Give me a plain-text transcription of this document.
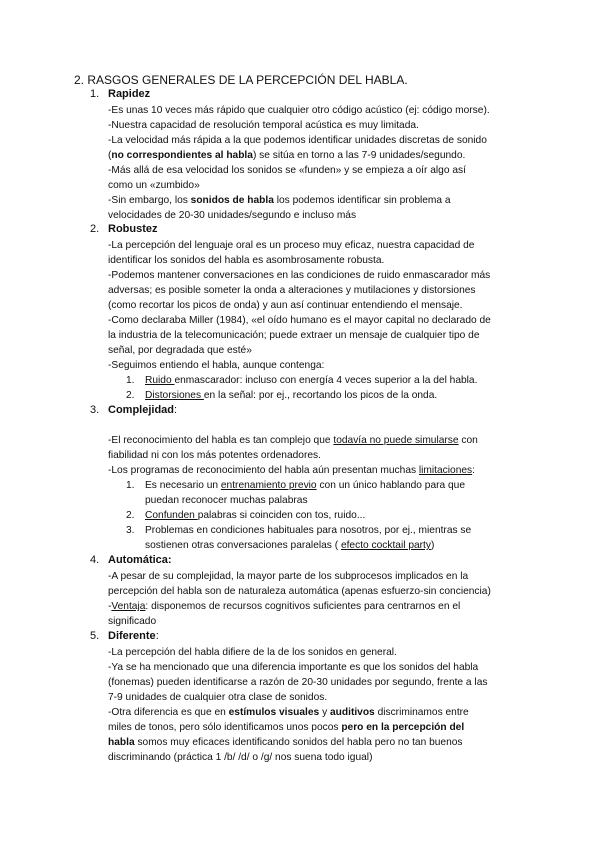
2. RASGOS GENERALES DE LA PERCEPCIÓN DEL HABLA.
1. Rapidez
-Es unas 10 veces más rápido que cualquier otro código acústico (ej: código morse).
-Nuestra capacidad de resolución temporal acústica es muy limitada.
-La velocidad más rápida a la que podemos identificar unidades discretas de sonido
(no correspondientes al habla) se sitúa en torno a las 7-9 unidades/segundo.
-Más allá de esa velocidad los sonidos se «funden» y se empieza a oír algo así
como un «zumbido»
-Sin embargo, los sonidos de habla los podemos identificar sin problema a
velocidades de 20-30 unidades/segundo e incluso más
2. Robustez
-La percepción del lenguaje oral es un proceso muy eficaz, nuestra capacidad de
identificar los sonidos del habla es asombrosamente robusta.
-Podemos mantener conversaciones en las condiciones de ruido enmascarador más
adversas; es posible someter la onda a alteraciones y mutilaciones y distorsiones
(como recortar los picos de onda) y aun así continuar entendiendo el mensaje.
-Como declaraba Miller (1984), «el oído humano es el mayor capital no declarado de
la industria de la telecomunicación; puede extraer un mensaje de cualquier tipo de
señal, por degradada que esté»
-Seguimos entiendo el habla, aunque contenga:
1. Ruido enmascarador: incluso con energía 4 veces superior a la del habla.
2. Distorsiones en la señal: por ej., recortando los picos de la onda.
3. Complejidad:
-El reconocimiento del habla es tan complejo que todavía no puede simularse con
fiabilidad ni con los más potentes ordenadores.
-Los programas de reconocimiento del habla aún presentan muchas limitaciones:
1. Es necesario un entrenamiento previo con un único hablando para que
puedan reconocer muchas palabras
2. Confunden palabras si coinciden con tos, ruido...
3. Problemas en condiciones habituales para nosotros, por ej., mientras se
sostienen otras conversaciones paralelas ( efecto cocktail party)
4. Automática:
-A pesar de su complejidad, la mayor parte de los subprocesos implicados en la
percepción del habla son de naturaleza automática (apenas esfuerzo-sin conciencia)
-Ventaja: disponemos de recursos cognitivos suficientes para centrarnos en el
significado
5. Diferente:
-La percepción del habla difiere de la de los sonidos en general.
-Ya se ha mencionado que una diferencia importante es que los sonidos del habla
(fonemas) pueden identificarse a razón de 20-30 unidades por segundo, frente a las
7-9 unidades de cualquier otra clase de sonidos.
-Otra diferencia es que en estímulos visuales y auditivos discriminamos entre
miles de tonos, pero sólo identificamos unos pocos pero en la percepción del
habla somos muy eficaces identificando sonidos del habla pero no tan buenos
discriminando (práctica 1 /b/ /d/ o /g/ nos suena todo igual)
